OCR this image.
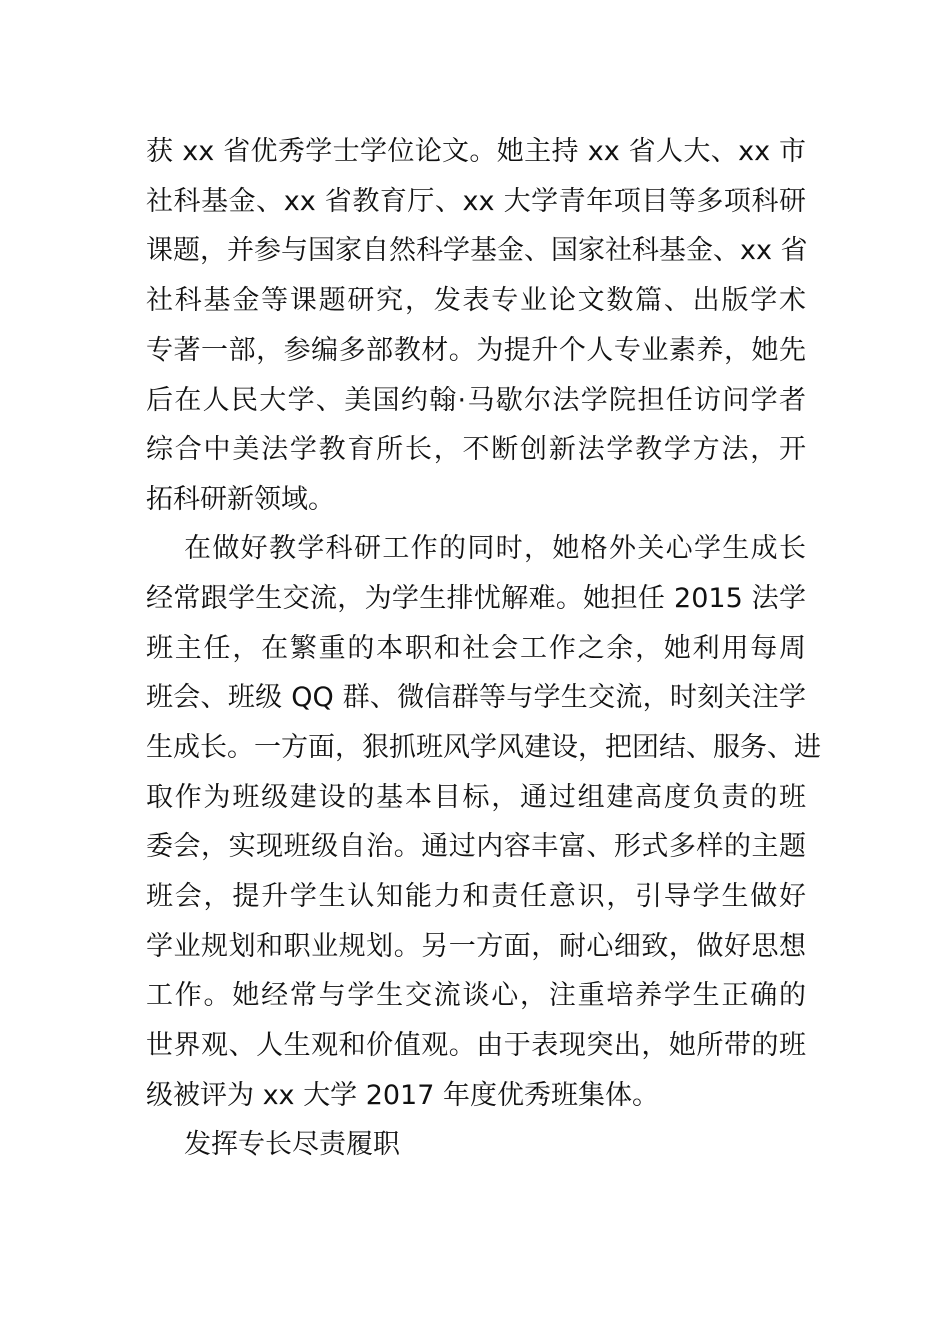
获 xx 省优秀学士学位论文。她主持 xx 省人大、xx 市
社科基金、xx 省教育厅、xx 大学青年项目等多项科研
课题，并参与国家自然科学基金、国家社科基金、xx 省
社科基金等课题研究，发表专业论文数篇、出版学术
专著一部，参编多部教材。为提升个人专业素养，她先
后在人民大学、美国约翰·马歇尔法学院担任访问学者
综合中美法学教育所长，不断创新法学教学方法，开
拓科研新领域。
在做好教学科研工作的同时，她格外关心学生成长
经常跟学生交流，为学生排忧解难。她担任 2015 法学
班主任，在繁重的本职和社会工作之余，她利用每周
班会、班级 QQ 群、微信群等与学生交流，时刻关注学
生成长。一方面，狠抓班风学风建设，把团结、服务、进
取作为班级建设的基本目标，通过组建高度负责的班
委会，实现班级自治。通过内容丰富、形式多样的主题
班会，提升学生认知能力和责任意识，引导学生做好
学业规划和职业规划。另一方面，耐心细致，做好思想
工作。她经常与学生交流谈心，注重培养学生正确的
世界观、人生观和价值观。由于表现突出，她所带的班
级被评为 xx 大学 2017 年度优秀班集体。
发挥专长尽责履职
